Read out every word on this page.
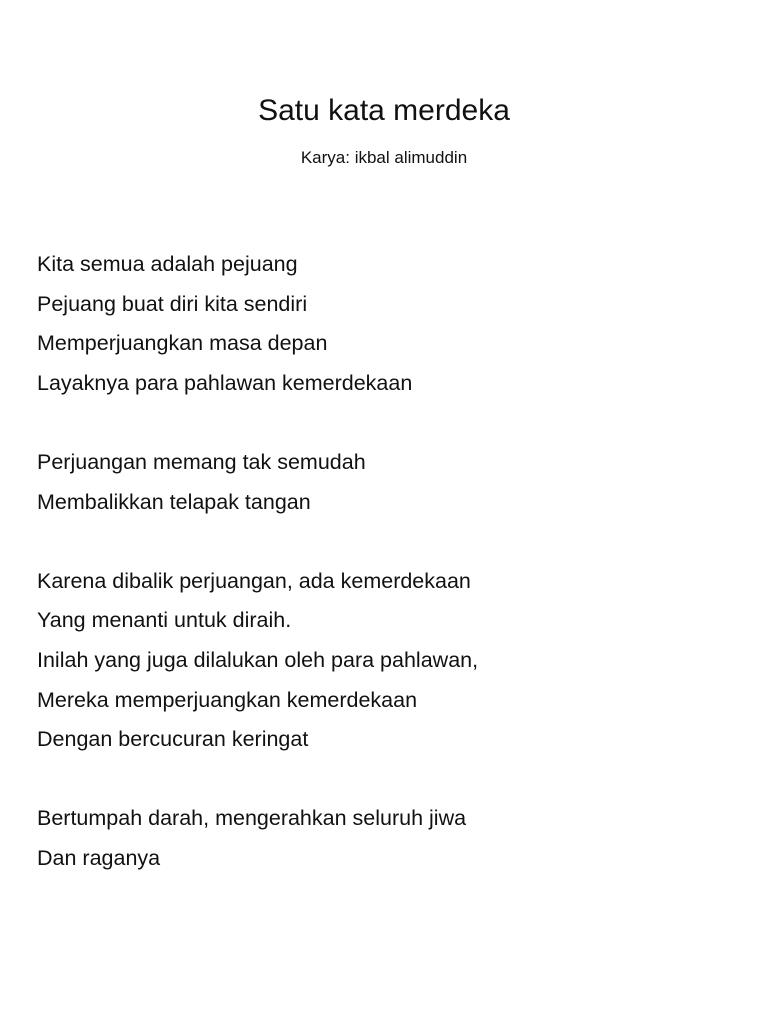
Satu kata merdeka

Karya: ikbal alimuddin

Kita semua adalah pejuang
Pejuang buat diri kita sendiri
Memperjuangkan masa depan
Layaknya para pahlawan kemerdekaan
Perjuangan memang tak semudah
Membalikkan telapak tangan
Karena dibalik perjuangan, ada kemerdekaan
Yang menanti untuk diraih.
Inilah yang juga dilalukan oleh para pahlawan,
Mereka memperjuangkan kemerdekaan
Dengan bercucuran keringat
Bertumpah darah, mengerahkan seluruh jiwa
Dan raganya
